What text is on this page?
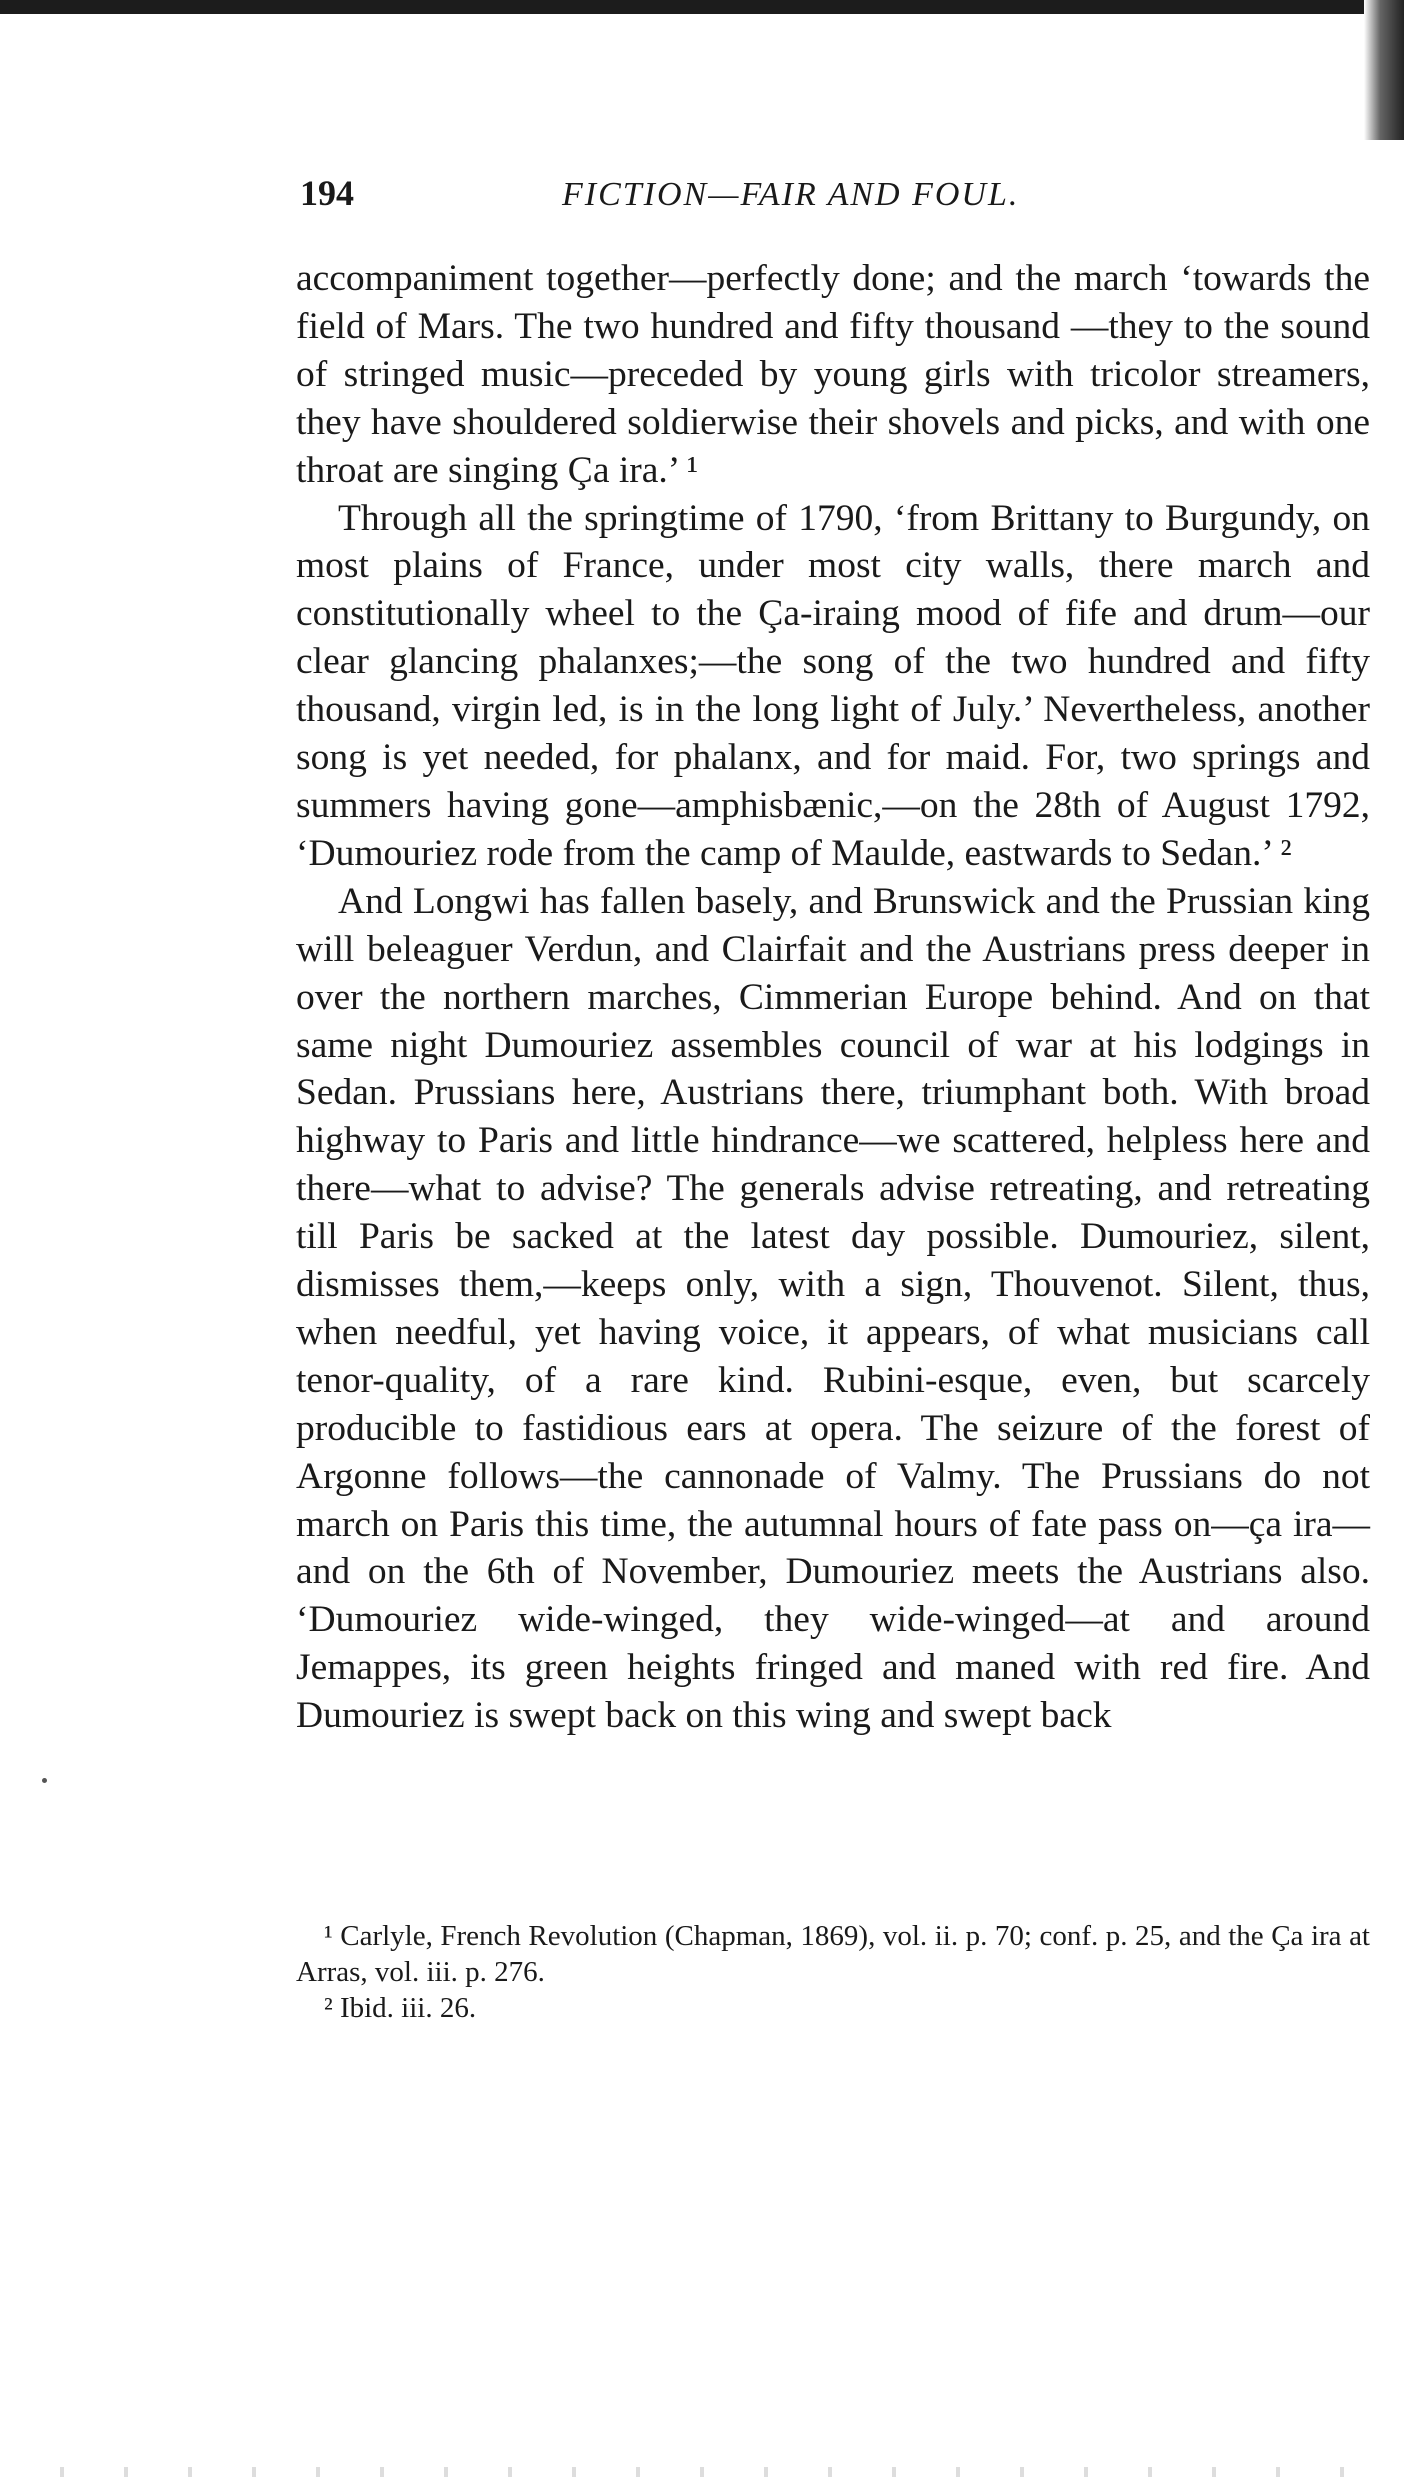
194	FICTION—FAIR AND FOUL.

accompaniment together—perfectly done; and the march ‘towards the field of Mars. The two hundred and fifty thousand —they to the sound of stringed music—preceded by young girls with tricolor streamers, they have shouldered soldierwise their shovels and picks, and with one throat are singing Ça ira.’ ¹

Through all the springtime of 1790, ‘from Brittany to Burgundy, on most plains of France, under most city walls, there march and constitutionally wheel to the Ça-iraing mood of fife and drum—our clear glancing phalanxes;—the song of the two hundred and fifty thousand, virgin led, is in the long light of July.’ Nevertheless, another song is yet needed, for phalanx, and for maid. For, two springs and summers having gone—amphisbænic,—on the 28th of August 1792, ‘Dumouriez rode from the camp of Maulde, eastwards to Sedan.’ ²

And Longwi has fallen basely, and Brunswick and the Prussian king will beleaguer Verdun, and Clairfait and the Austrians press deeper in over the northern marches, Cimmerian Europe behind. And on that same night Dumouriez assembles council of war at his lodgings in Sedan. Prussians here, Austrians there, triumphant both. With broad highway to Paris and little hindrance—we scattered, helpless here and there—what to advise? The generals advise retreating, and retreating till Paris be sacked at the latest day possible. Dumouriez, silent, dismisses them,—keeps only, with a sign, Thouvenot. Silent, thus, when needful, yet having voice, it appears, of what musicians call tenor-quality, of a rare kind. Rubini-esque, even, but scarcely producible to fastidious ears at opera. The seizure of the forest of Argonne follows—the cannonade of Valmy. The Prussians do not march on Paris this time, the autumnal hours of fate pass on—ça ira—and on the 6th of November, Dumouriez meets the Austrians also. ‘Dumouriez wide-winged, they wide-winged—at and around Jemappes, its green heights fringed and maned with red fire. And Dumouriez is swept back on this wing and swept back

¹ Carlyle, French Revolution (Chapman, 1869), vol. ii. p. 70; conf. p. 25, and the Ça ira at Arras, vol. iii. p. 276.

² Ibid. iii. 26.
